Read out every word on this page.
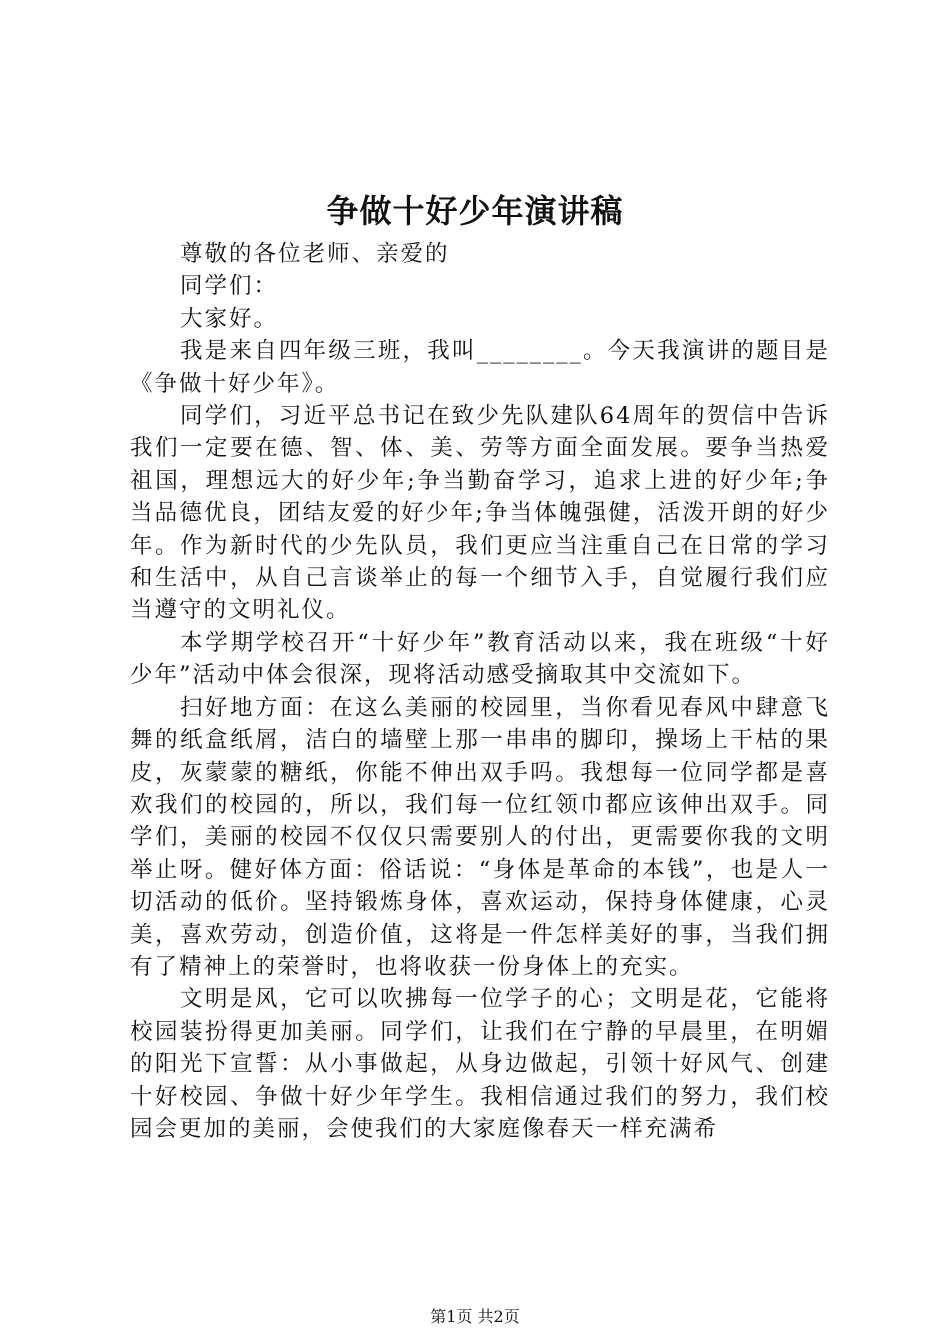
争做十好少年演讲稿

尊敬的各位老师、亲爱的

同学们：

大家好。

我是来自四年级三班，我叫________。今天我演讲的题目是《争做十好少年》。

同学们，习近平总书记在致少先队建队64周年的贺信中告诉我们一定要在德、智、体、美、劳等方面全面发展。要争当热爱祖国，理想远大的好少年;争当勤奋学习，追求上进的好少年;争当品德优良，团结友爱的好少年;争当体魄强健，活泼开朗的好少年。作为新时代的少先队员，我们更应当注重自己在日常的学习和生活中，从自己言谈举止的每一个细节入手，自觉履行我们应当遵守的文明礼仪。

本学期学校召开“十好少年”教育活动以来，我在班级“十好少年”活动中体会很深，现将活动感受摘取其中交流如下。

扫好地方面：在这么美丽的校园里，当你看见春风中肆意飞舞的纸盒纸屑，洁白的墙壁上那一串串的脚印，操场上干枯的果皮，灰蒙蒙的糖纸，你能不伸出双手吗。我想每一位同学都是喜欢我们的校园的，所以，我们每一位红领巾都应该伸出双手。同学们，美丽的校园不仅仅只需要别人的付出，更需要你我的文明举止呀。健好体方面：俗话说：“身体是革命的本钱”，也是人一切活动的低价。坚持锻炼身体，喜欢运动，保持身体健康，心灵美，喜欢劳动，创造价值，这将是一件怎样美好的事，当我们拥有了精神上的荣誉时，也将收获一份身体上的充实。

文明是风，它可以吹拂每一位学子的心；文明是花，它能将校园装扮得更加美丽。同学们，让我们在宁静的早晨里，在明媚的阳光下宣誓：从小事做起，从身边做起，引领十好风气、创建十好校园、争做十好少年学生。我相信通过我们的努力，我们校园会更加的美丽，会使我们的大家庭像春天一样充满希

第1页 共2页
